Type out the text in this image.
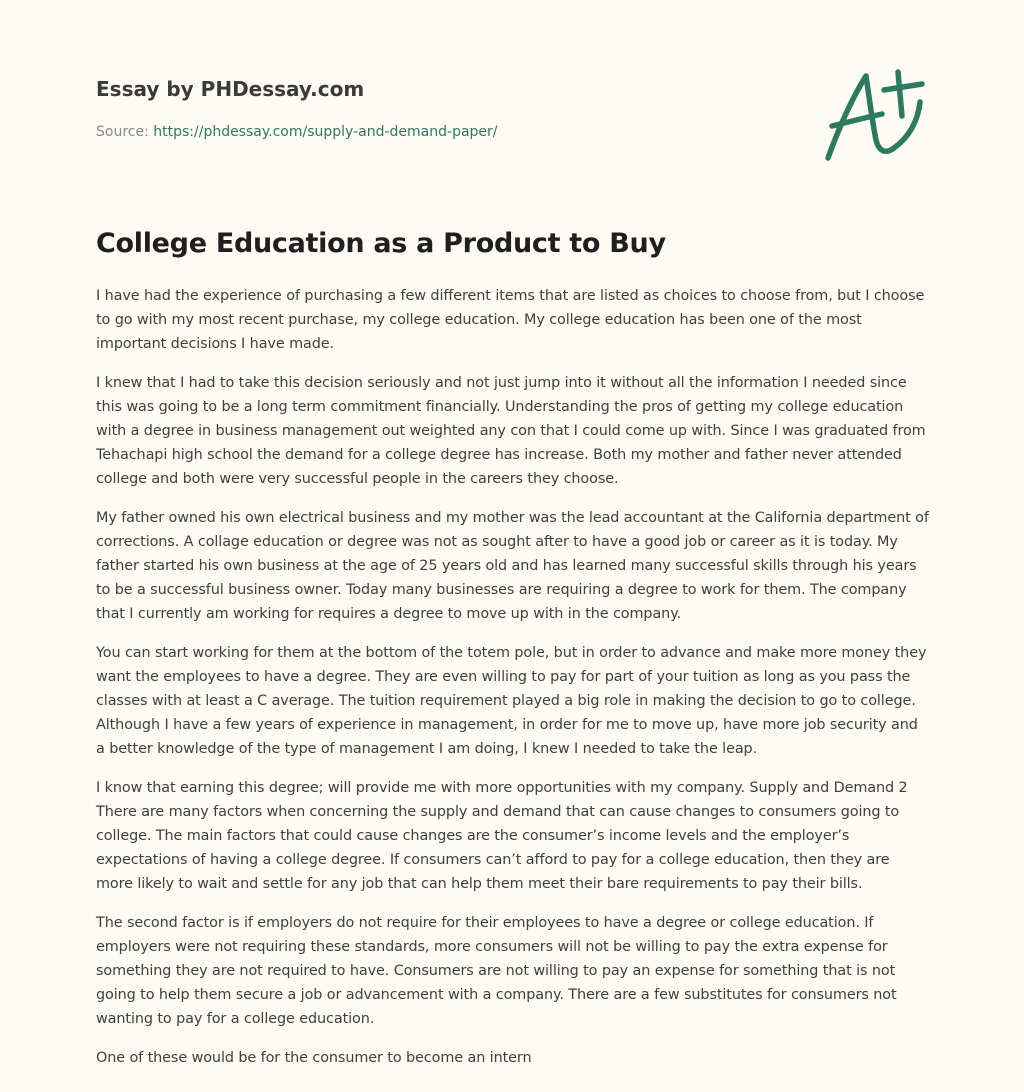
Essay by PHDessay.com
Source: https://phdessay.com/supply-and-demand-paper/
College Education as a Product to Buy

I have had the experience of purchasing a few different items that are listed as choices to choose from, but I choose to go with my most recent purchase, my college education. My college education has been one of the most important decisions I have made.

I knew that I had to take this decision seriously and not just jump into it without all the information I needed since this was going to be a long term commitment financially. Understanding the pros of getting my college education with a degree in business management out weighted any con that I could come up with. Since I was graduated from Tehachapi high school the demand for a college degree has increase. Both my mother and father never attended college and both were very successful people in the careers they choose.

My father owned his own electrical business and my mother was the lead accountant at the California department of corrections. A collage education or degree was not as sought after to have a good job or career as it is today. My father started his own business at the age of 25 years old and has learned many successful skills through his years to be a successful business owner. Today many businesses are requiring a degree to work for them. The company that I currently am working for requires a degree to move up with in the company.

You can start working for them at the bottom of the totem pole, but in order to advance and make more money they want the employees to have a degree. They are even willing to pay for part of your tuition as long as you pass the classes with at least a C average. The tuition requirement played a big role in making the decision to go to college. Although I have a few years of experience in management, in order for me to move up, have more job security and a better knowledge of the type of management I am doing, I knew I needed to take the leap.

I know that earning this degree; will provide me with more opportunities with my company. Supply and Demand 2 There are many factors when concerning the supply and demand that can cause changes to consumers going to college. The main factors that could cause changes are the consumer’s income levels and the employer’s expectations of having a college degree. If consumers can’t afford to pay for a college education, then they are more likely to wait and settle for any job that can help them meet their bare requirements to pay their bills.

The second factor is if employers do not require for their employees to have a degree or college education. If employers were not requiring these standards, more consumers will not be willing to pay the extra expense for something they are not required to have. Consumers are not willing to pay an expense for something that is not going to help them secure a job or advancement with a company. There are a few substitutes for consumers not wanting to pay for a college education.

One of these would be for the consumer to become an intern
